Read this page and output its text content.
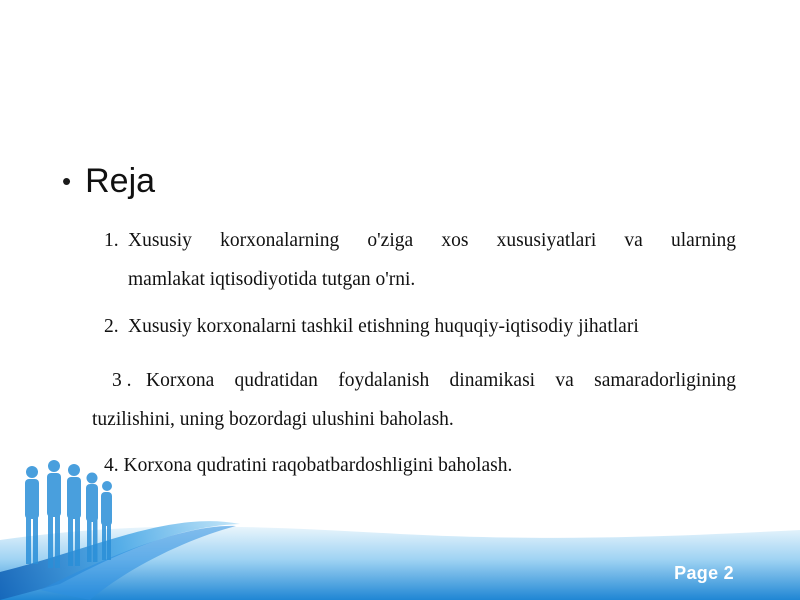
• Reja
1. Xususiy korxonalarning o'ziga xos xususiyatlari va ularning
mamlakat iqtisodiyotida tutgan o'rni.
2. Xususiy korxonalarni tashkil etishning huquqiy-iqtisodiy jihatlari
3 . Korxona qudratidan foydalanish dinamikasi va samaradorligining
tuzilishini, uning bozordagi ulushini baholash.
4. Korxona qudratini raqobatbardoshligini baholash.
Page 2
